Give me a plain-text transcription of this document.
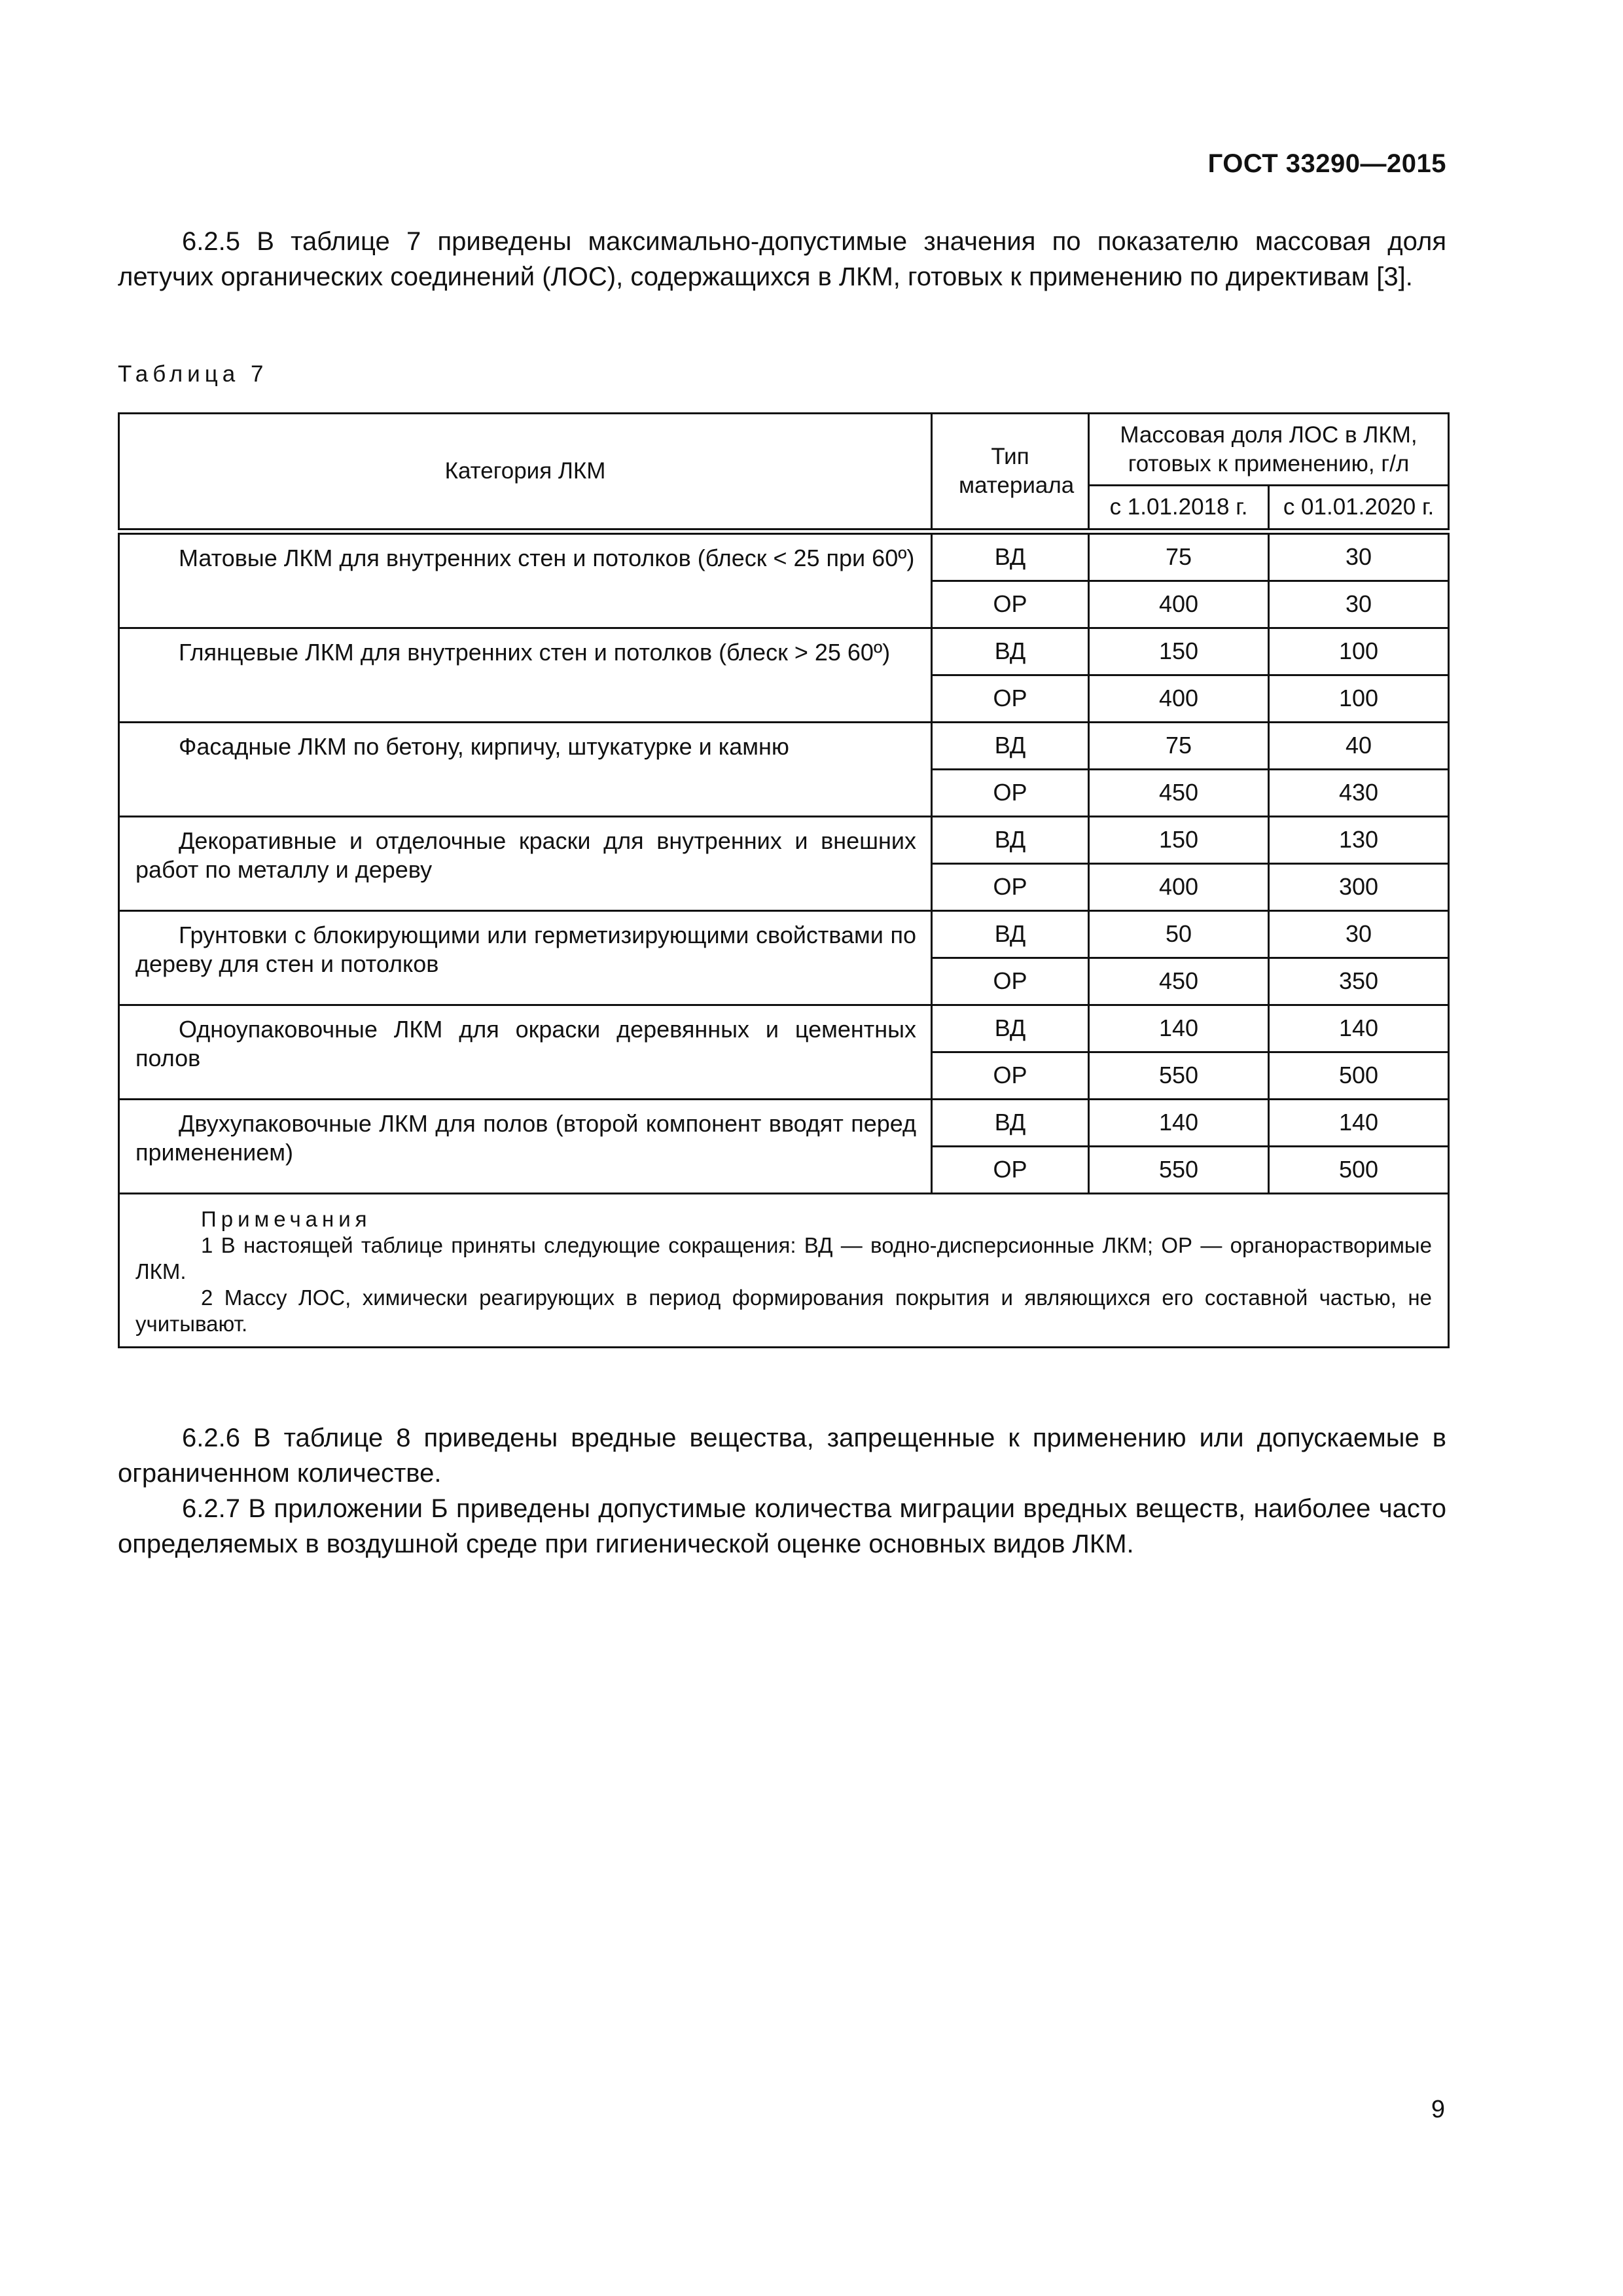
ГОСТ 33290—2015
6.2.5 В таблице 7 приведены максимально-допустимые значения по показателю массовая доля летучих органических соединений (ЛОС), содержащихся в ЛКМ, готовых к применению по директивам [3].
Таблица 7
Категория ЛКМ	Тип материала	Массовая доля ЛОС в ЛКМ, готовых к применению, г/л	
		с 1.01.2018 г.	с 01.01.2020 г.
Матовые ЛКМ для внутренних стен и потолков (блеск < 25 при 60º)	ВД	75	30
	ОР	400	30
Глянцевые ЛКМ для внутренних стен и потолков (блеск > 25 60º)	ВД	150	100
	ОР	400	100
Фасадные ЛКМ по бетону, кирпичу, штукатурке и камню	ВД	75	40
	ОР	450	430
Декоративные и отделочные краски для внутренних и внешних работ по металлу и дереву	ВД	150	130
	ОР	400	300
Грунтовки с блокирующими или герметизирующими свойствами по дереву для стен и потолков	ВД	50	30
	ОР	450	350
Одноупаковочные ЛКМ для окраски деревянных и цементных полов	ВД	140	140
	ОР	550	500
Двухупаковочные ЛКМ для полов (второй компонент вводят перед применением)	ВД	140	140
	ОР	550	500

Примечания
1 В настоящей таблице приняты следующие сокращения: ВД — водно-дисперсионные ЛКМ; ОР — органорастворимые ЛКМ.
2 Массу ЛОС, химически реагирующих в период формирования покрытия и являющихся его составной частью, не учитывают.			
6.2.6 В таблице 8 приведены вредные вещества, запрещенные к применению или допускаемые в ограниченном количестве.
6.2.7 В приложении Б приведены допустимые количества миграции вредных веществ, наиболее часто определяемых в воздушной среде при гигиенической оценке основных видов ЛКМ.
9
